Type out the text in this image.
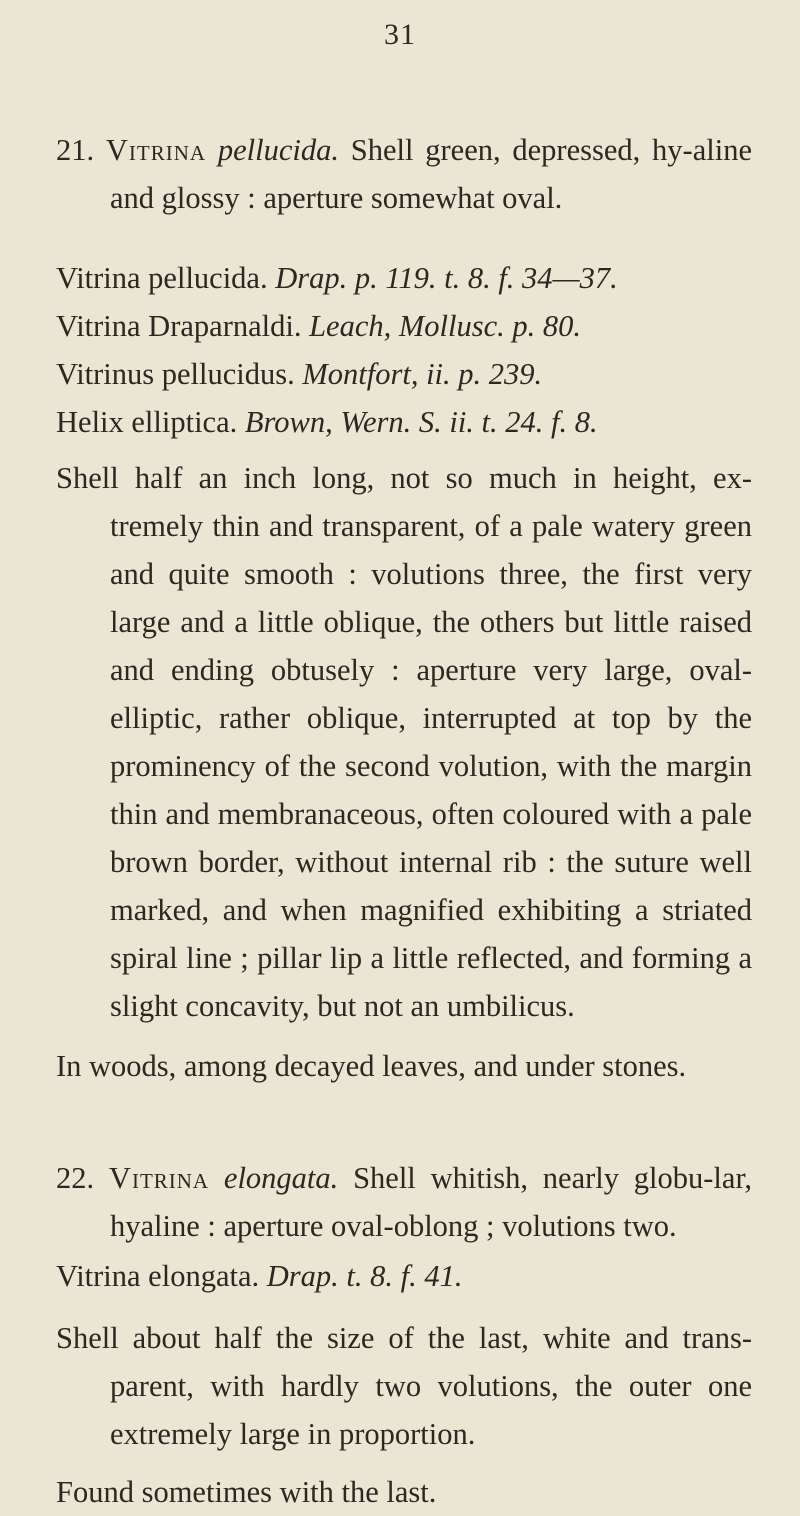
31

21. Vitrina pellucida. Shell green, depressed, hy-aline and glossy : aperture somewhat oval.

Vitrina pellucida. Drap. p. 119. t. 8. f. 34—37.

Vitrina Draparnaldi. Leach, Mollusc. p. 80.

Vitrinus pellucidus. Montfort, ii. p. 239.

Helix elliptica. Brown, Wern. S. ii. t. 24. f. 8.

Shell half an inch long, not so much in height, ex-tremely thin and transparent, of a pale watery green and quite smooth : volutions three, the first very large and a little oblique, the others but little raised and ending obtusely : aperture very large, oval-elliptic, rather oblique, interrupted at top by the prominency of the second volution, with the margin thin and membranaceous, often coloured with a pale brown border, without internal rib : the suture well marked, and when magnified exhibiting a striated spiral line ; pillar lip a little reflected, and forming a slight concavity, but not an umbilicus.

In woods, among decayed leaves, and under stones.

22. Vitrina elongata. Shell whitish, nearly globu-lar, hyaline : aperture oval-oblong ; volutions two.

Vitrina elongata. Drap. t. 8. f. 41.

Shell about half the size of the last, white and trans-parent, with hardly two volutions, the outer one extremely large in proportion.

Found sometimes with the last.
